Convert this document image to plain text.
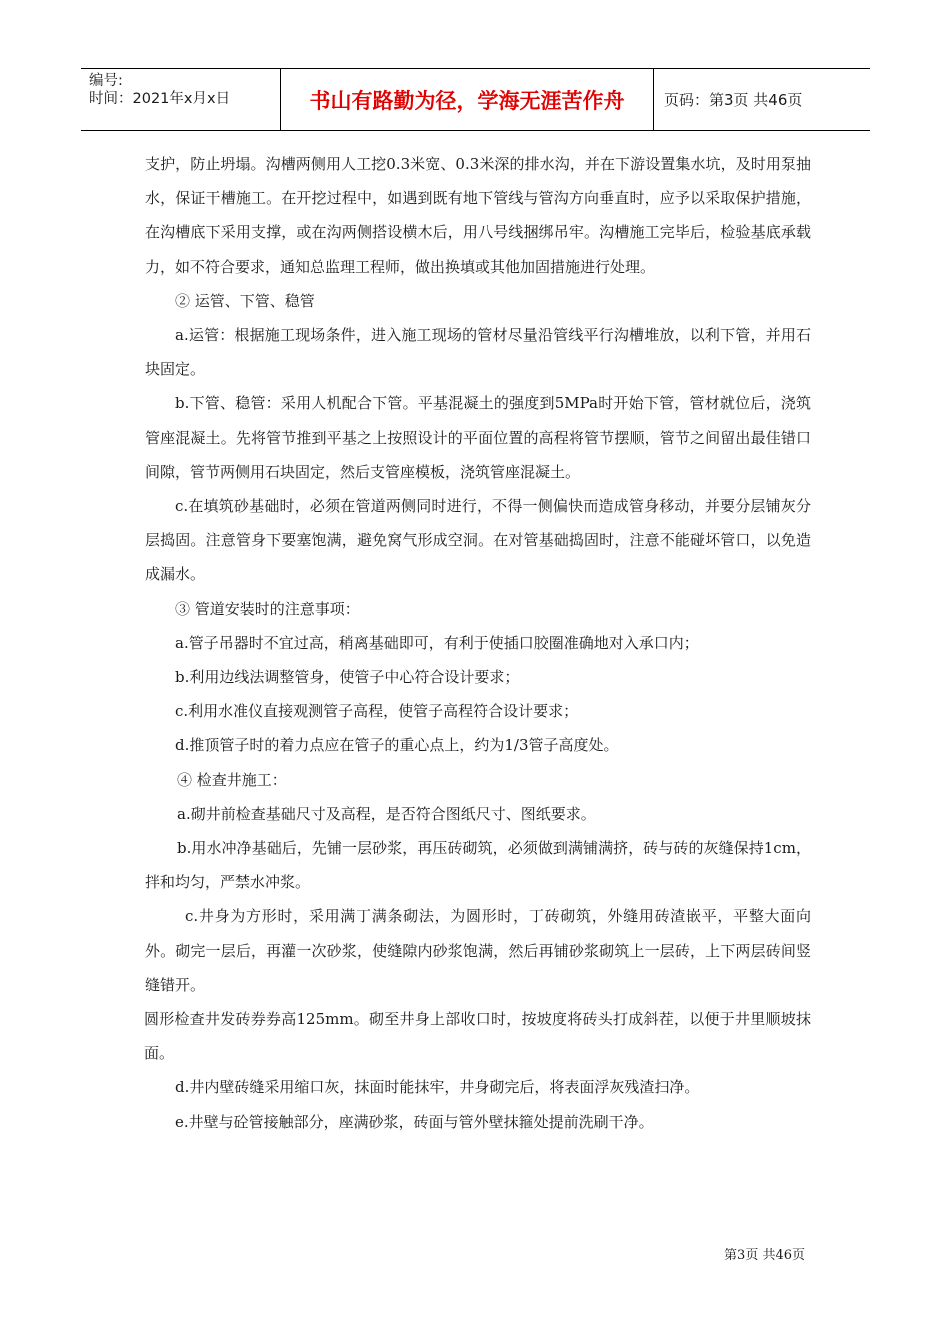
编号:
时间：2021年x月x日	书山有路勤为径，学海无涯苦作舟	页码：第3页 共46页

支护，防止坍塌。沟槽两侧用人工挖0.3米宽、0.3米深的排水沟，并在下游设置集水坑，及时用泵抽水，保证干槽施工。在开挖过程中，如遇到既有地下管线与管沟方向垂直时，应予以采取保护措施，在沟槽底下采用支撑，或在沟两侧搭设横木后，用八号线捆绑吊牢。沟槽施工完毕后，检验基底承载力，如不符合要求，通知总监理工程师，做出换填或其他加固措施进行处理。

② 运管、下管、稳管

a.运管：根据施工现场条件，进入施工现场的管材尽量沿管线平行沟槽堆放，以利下管，并用石块固定。

b.下管、稳管：采用人机配合下管。平基混凝土的强度到5MPa时开始下管，管材就位后，浇筑管座混凝土。先将管节推到平基之上按照设计的平面位置的高程将管节摆顺，管节之间留出最佳错口间隙，管节两侧用石块固定，然后支管座模板，浇筑管座混凝土。

c.在填筑砂基础时，必须在管道两侧同时进行，不得一侧偏快而造成管身移动，并要分层铺灰分层捣固。注意管身下要塞饱满，避免窝气形成空洞。在对管基础捣固时，注意不能碰坏管口，以免造成漏水。

③ 管道安装时的注意事项：

a.管子吊器时不宜过高，稍离基础即可，有利于使插口胶圈准确地对入承口内；

b.利用边线法调整管身，使管子中心符合设计要求；

c.利用水准仪直接观测管子高程，使管子高程符合设计要求；

d.推顶管子时的着力点应在管子的重心点上，约为1/3管子高度处。

④ 检查井施工：

a.砌井前检查基础尺寸及高程，是否符合图纸尺寸、图纸要求。

b.用水冲净基础后，先铺一层砂浆，再压砖砌筑，必须做到满铺满挤，砖与砖的灰缝保持1cm，拌和均匀，严禁水冲浆。

c.井身为方形时，采用满丁满条砌法，为圆形时，丁砖砌筑，外缝用砖渣嵌平，平整大面向外。砌完一层后，再灌一次砂浆，使缝隙内砂浆饱满，然后再铺砂浆砌筑上一层砖，上下两层砖间竖缝错开。

圆形检查井发砖券券高125mm。砌至井身上部收口时，按坡度将砖头打成斜茬，以便于井里顺坡抹面。

d.井内壁砖缝采用缩口灰，抹面时能抹牢，井身砌完后，将表面浮灰残渣扫净。

e.井壁与砼管接触部分，座满砂浆，砖面与管外壁抹箍处提前洗刷干净。

第3页 共46页
